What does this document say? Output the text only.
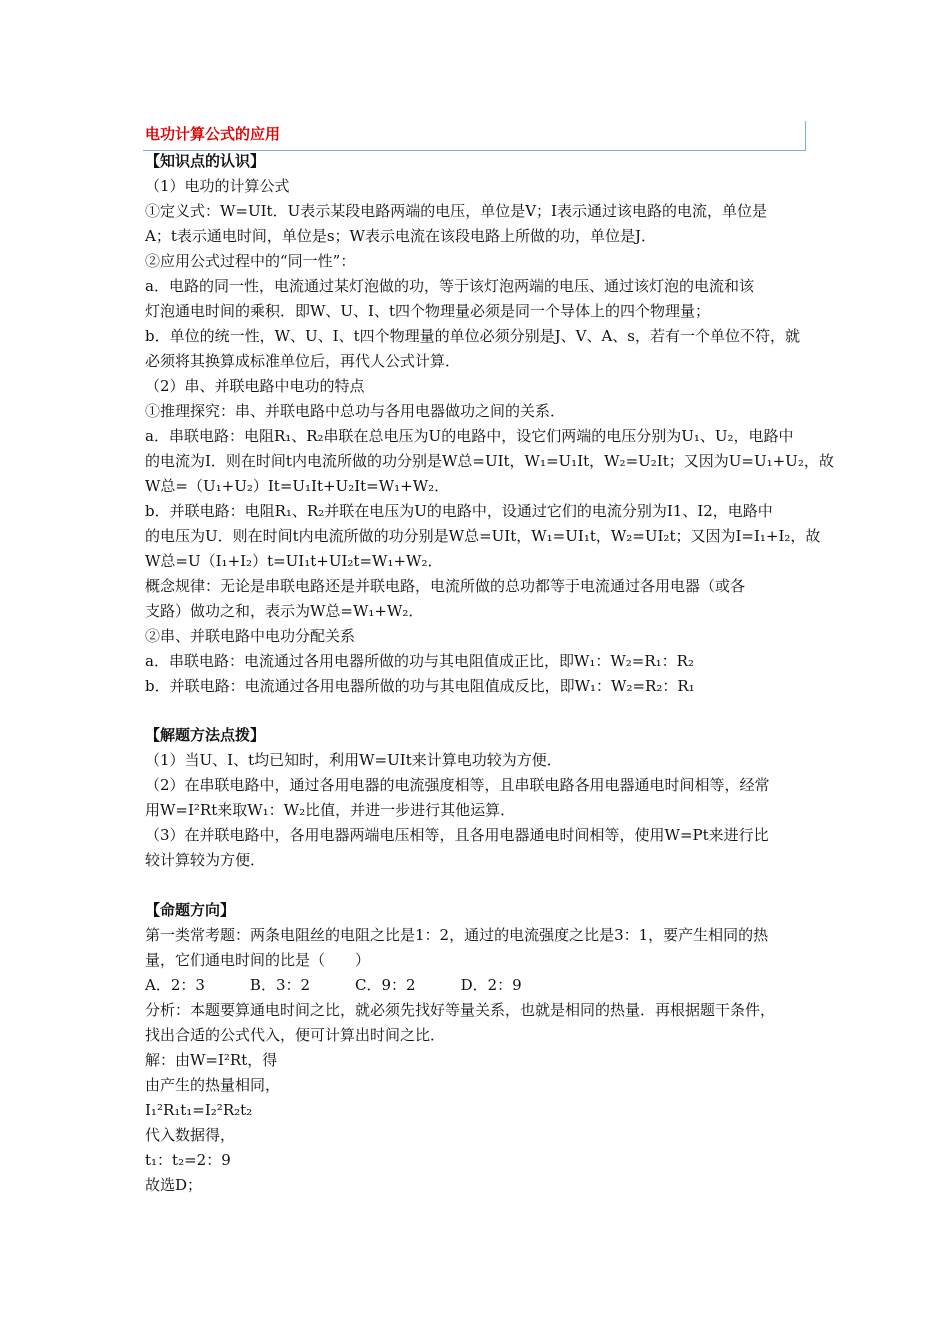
电功计算公式的应用
【知识点的认识】
（1）电功的计算公式
①定义式：W=UIt．U表示某段电路两端的电压，单位是V；I表示通过该电路的电流，单位是
A；t表示通电时间，单位是s；W表示电流在该段电路上所做的功，单位是J．
②应用公式过程中的“同一性”：
a．电路的同一性，电流通过某灯泡做的功，等于该灯泡两端的电压、通过该灯泡的电流和该
灯泡通电时间的乘积．即W、U、I、t四个物理量必须是同一个导体上的四个物理量；
b．单位的统一性，W、U、I、t四个物理量的单位必须分别是J、V、A、s，若有一个单位不符，就
必须将其换算成标准单位后，再代人公式计算．
（2）串、并联电路中电功的特点
①推理探究：串、并联电路中总功与各用电器做功之间的关系．
a．串联电路：电阻R₁、R₂串联在总电压为U的电路中，设它们两端的电压分别为U₁、U₂，电路中
的电流为I．则在时间t内电流所做的功分别是W总=UIt，W₁=U₁It，W₂=U₂It；又因为U=U₁+U₂，故
W总=（U₁+U₂）It=U₁It+U₂It=W₁+W₂．
b．并联电路：电阻R₁、R₂并联在电压为U的电路中，设通过它们的电流分别为I1、I2，电路中
的电压为U．则在时间t内电流所做的功分别是W总=UIt，W₁=UI₁t，W₂=UI₂t；又因为I=I₁+I₂，故
W总=U（I₁+I₂）t=UI₁t+UI₂t=W₁+W₂．
概念规律：无论是串联电路还是并联电路，电流所做的总功都等于电流通过各用电器（或各
支路）做功之和，表示为W总=W₁+W₂．
②串、并联电路中电功分配关系
a．串联电路：电流通过各用电器所做的功与其电阻值成正比，即W₁：W₂=R₁：R₂
b．并联电路：电流通过各用电器所做的功与其电阻值成反比，即W₁：W₂=R₂：R₁
【解题方法点拨】
（1）当U、I、t均已知时，利用W=UIt来计算电功较为方便．
（2）在串联电路中，通过各用电器的电流强度相等，且串联电路各用电器通电时间相等，经常
用W=I²Rt来取W₁：W₂比值，并进一步进行其他运算．
（3）在并联电路中，各用电器两端电压相等，且各用电器通电时间相等，使用W=Pt来进行比
较计算较为方便．
【命题方向】
第一类常考题：两条电阻丝的电阻之比是1：2，通过的电流强度之比是3：1，要产生相同的热
量，它们通电时间的比是（　　）
A．2：3　　　B．3：2　　　C．9：2　　　D．2：9
分析：本题要算通电时间之比，就必须先找好等量关系，也就是相同的热量．再根据题干条件，
找出合适的公式代入，便可计算出时间之比．
解：由W=I²Rt，得
由产生的热量相同，
I₁²R₁t₁=I₂²R₂t₂
代入数据得，
t₁：t₂=2：9
故选D；
